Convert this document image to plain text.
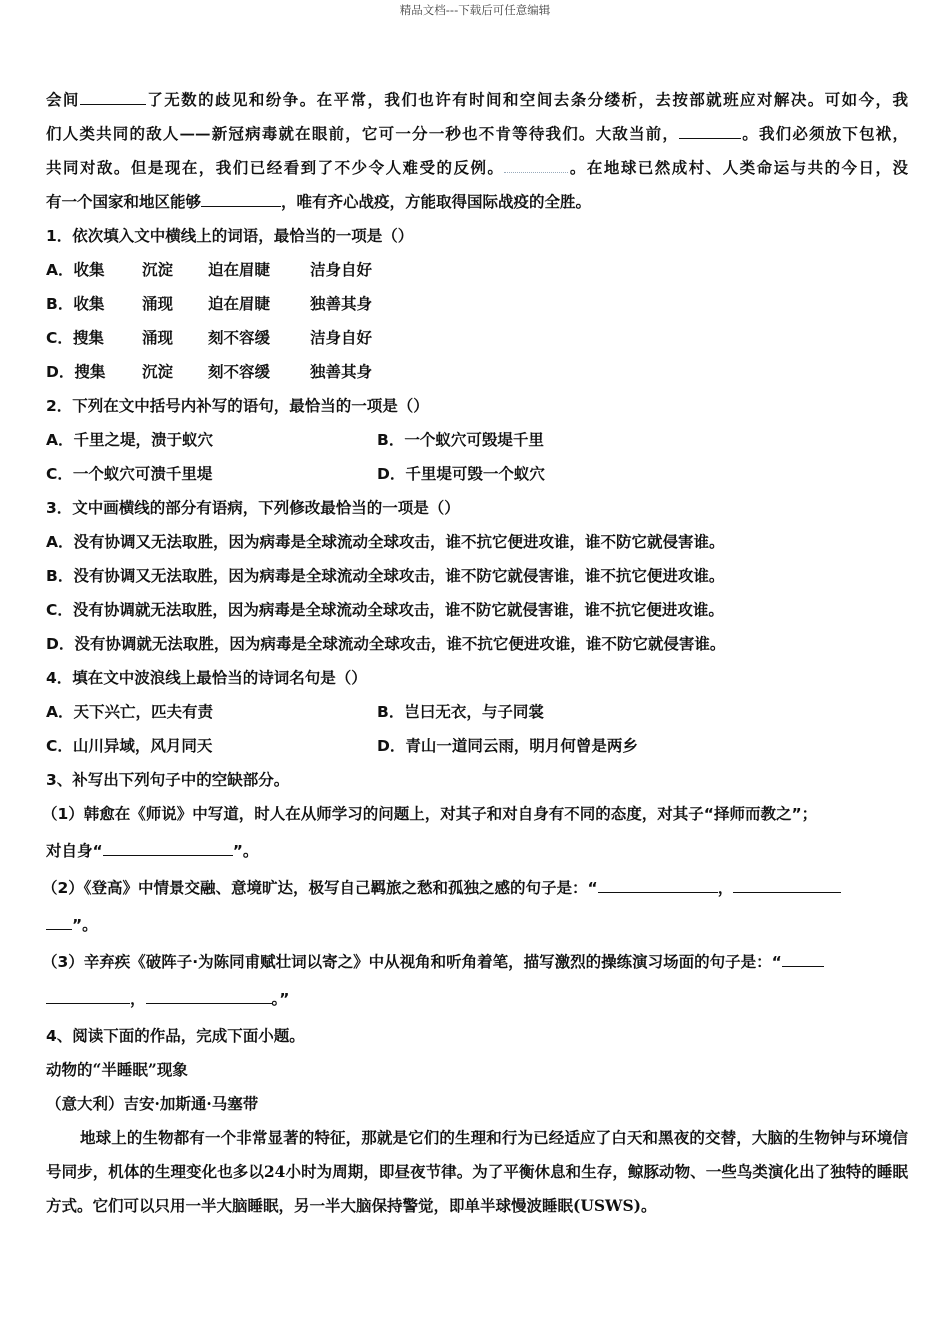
精品文档---下载后可任意编辑
会间	了无数的歧见和纷争。在平常，我们也许有时间和空间去条分缕析，去按部就班应对解决。可如今，我
们人类共同的敌人——新冠病毒就在眼前，它可一分一秒也不肯等待我们。大敌当前，	。我们必须放下包袱，
共同对敌。但是现在，我们已经看到了不少令人难受的反例。	。在地球已然成村、人类命运与共的今日，没
有一个国家和地区能够	，唯有齐心战疫，方能取得国际战疫的全胜。
1．依次填入文中横线上的词语，最恰当的一项是（）
A．收集 沉淀 迫在眉睫	洁身自好
B．收集 涌现 迫在眉睫	独善其身
C．搜集 涌现 刻不容缓	洁身自好
D．搜集 沉淀 刻不容缓	独善其身
2．下列在文中括号内补写的语句，最恰当的一项是（）
A．千里之堤，溃于蚁穴	B．一个蚁穴可毁堤千里
C．一个蚁穴可溃千里堤	D．千里堤可毁一个蚁穴
3．文中画横线的部分有语病，下列修改最恰当的一项是（）
A．没有协调又无法取胜，因为病毒是全球流动全球攻击，谁不抗它便进攻谁，谁不防它就侵害谁。
B．没有协调又无法取胜，因为病毒是全球流动全球攻击，谁不防它就侵害谁，谁不抗它便进攻谁。
C．没有协调就无法取胜，因为病毒是全球流动全球攻击，谁不防它就侵害谁，谁不抗它便进攻谁。
D．没有协调就无法取胜，因为病毒是全球流动全球攻击，谁不抗它便进攻谁，谁不防它就侵害谁。
4．填在文中波浪线上最恰当的诗词名句是（）
A．天下兴亡，匹夫有责	B．岂曰无衣，与子同裳
C．山川异域，风月同天	D．青山一道同云雨，明月何曾是两乡
3、补写出下列句子中的空缺部分。
（1）韩愈在《师说》中写道，时人在从师学习的问题上，对其子和对自身有不同的态度，对其子“择师而教之”；
对自身“	”。
（2）《登高》中情景交融、意境旷达，极写自己羁旅之愁和孤独之感的句子是：“	，
”。
（3）辛弃疾《破阵子·为陈同甫赋壮词以寄之》中从视角和听角着笔，描写激烈的操练演习场面的句子是：“
，	。”
4、阅读下面的作品，完成下面小题。
动物的“半睡眠”现象
（意大利）吉安·加斯通·马塞带
地球上的生物都有一个非常显著的特征，那就是它们的生理和行为已经适应了白天和黑夜的交替，大脑的生物钟与环境信号同步，机体的生理变化也多以24小时为周期，即昼夜节律。为了平衡休息和生存，鲸豚动物、一些鸟类演化出了独特的睡眠方式。它们可以只用一半大脑睡眠，另一半大脑保持警觉，即单半球慢波睡眠(USWS)。
